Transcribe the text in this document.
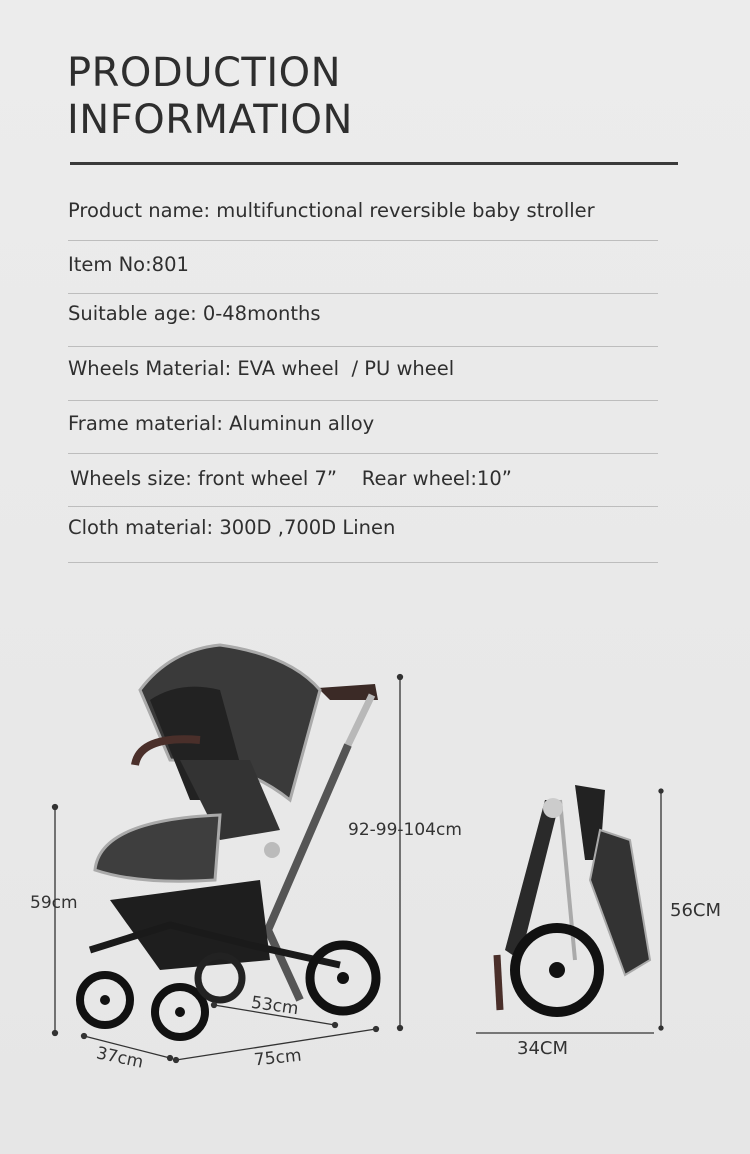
PRODUCTION
INFORMATION
Product name: multifunctional reversible baby stroller
Item No:801
Suitable age: 0-48months
Wheels Material: EVA wheel  / PU wheel
Frame material: Aluminun alloy
Wheels size: front wheel 7”    Rear wheel:10”
Cloth material: 300D ,700D Linen
92-99-104cm
59cm
53cm
37cm	75cm
56CM
34CM
